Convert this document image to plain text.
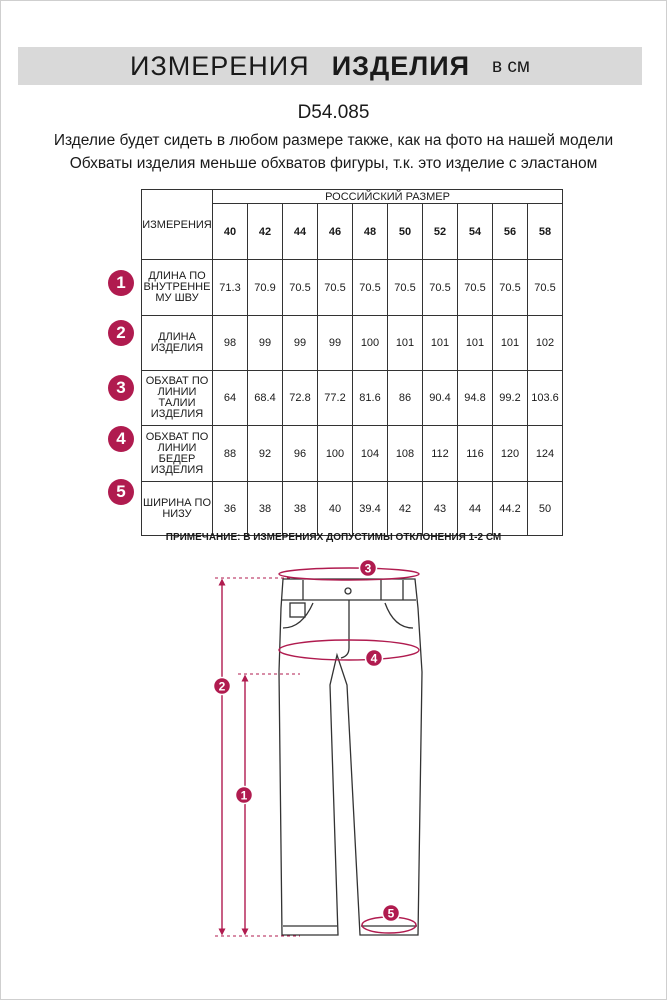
ИЗМЕРЕНИЯ ИЗДЕЛИЯ в см
D54.085
Изделие будет сидеть в любом размере также, как на фото на нашей модели
Обхваты изделия меньше обхватов фигуры, т.к. это изделие с эластаном
ИЗМЕРЕНИЯ	РОССИЙСКИЙ РАЗМЕР									
	40	42	44	46	48	50	52	54	56	58
ДЛИНА ПО ВНУТРЕННЕ МУ ШВУ	71.3	70.9	70.5	70.5	70.5	70.5	70.5	70.5	70.5	70.5
ДЛИНА ИЗДЕЛИЯ	98	99	99	99	100	101	101	101	101	102
ОБХВАТ ПО ЛИНИИ ТАЛИИ ИЗДЕЛИЯ	64	68.4	72.8	77.2	81.6	86	90.4	94.8	99.2	103.6
ОБХВАТ ПО ЛИНИИ БЕДЕР ИЗДЕЛИЯ	88	92	96	100	104	108	112	116	120	124
ШИРИНА ПО НИЗУ	36	38	38	40	39.4	42	43	44	44.2	50
1
2
3
4
5
ПРИМЕЧАНИЕ: В ИЗМЕРЕНИЯХ ДОПУСТИМЫ ОТКЛОНЕНИЯ 1-2 СМ
3
4
2
1
5
